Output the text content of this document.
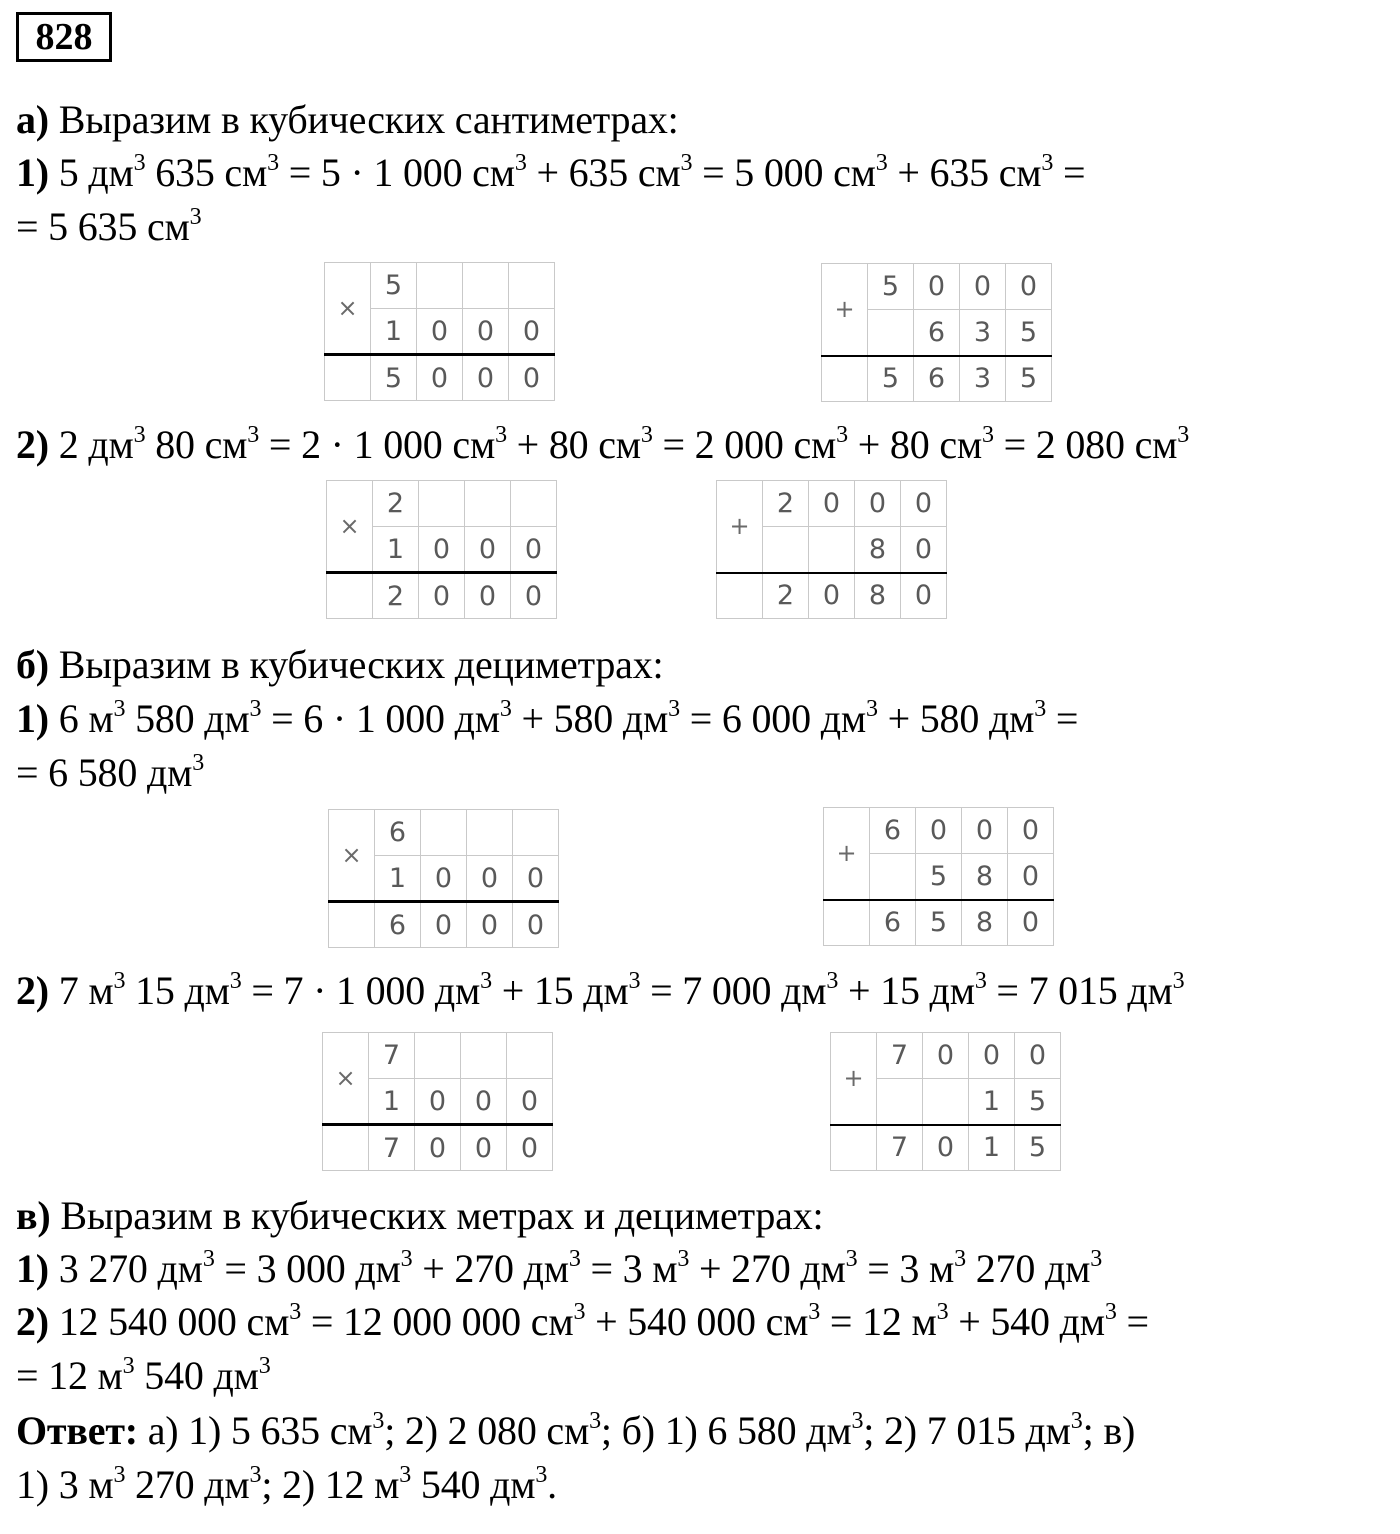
828
а) Выразим в кубических сантиметрах:
1) 5 $дм^3$ 635 $см^3 = 5 \cdot 1$ 000 $см^3 + 635$ $см^3 = 5$ 000 $см^3 + 635$ $см^3$ =
= 5 635 $см^3$
×	5			
	1	0	0	0
	5	0	0	0
+	5	0	0	0
		6	3	5
	5	6	3	5
2) 2 $дм^3$ 80 $см^3 = 2 \cdot 1$ 000 $см^3 + 80$ $см^3 = 2$ 000 $см^3 + 80$ $см^3 = 2$ 080 $см^3$
×	2			
	1	0	0	0
	2	0	0	0
+	2	0	0	0
			8	0
	2	0	8	0
б) Выразим в кубических дециметрах:
1) 6 $м^3$ 580 $дм^3 = 6 \cdot 1$ 000 $дм^3 + 580$ $дм^3 = 6$ 000 $дм^3 + 580$ $дм^3$ =
= 6 580 $дм^3$
×	6			
	1	0	0	0
	6	0	0	0
+	6	0	0	0
		5	8	0
	6	5	8	0
2) 7 $м^3$ 15 $дм^3 = 7 \cdot 1$ 000 $дм^3 + 15$ $дм^3 = 7$ 000 $дм^3 + 15$ $дм^3 = 7$ 015 $дм^3$
×	7			
	1	0	0	0
	7	0	0	0
+	7	0	0	0
			1	5
	7	0	1	5
в) Выразим в кубических метрах и дециметрах:
1) 3 270 $дм^3 = 3$ 000 $дм^3 + 270$ $дм^3 = 3$ $м^3 + 270$ $дм^3 = 3$ $м^3$ 270 $дм^3$
2) 12 540 000 $см^3 = 12$ 000 000 $см^3 + 540$ 000 $см^3 = 12$ $м^3 + 540$ $дм^3$ =
= 12 $м^3$ 540 $дм^3$
Ответ: а) 1) 5 635 $см^3$; 2) 2 080 $см^3$; б) 1) 6 580 $дм^3$; 2) 7 015 $дм^3$; в)
1) 3 $м^3$ 270 $дм^3$; 2) 12 $м^3$ 540 $дм^3$.
